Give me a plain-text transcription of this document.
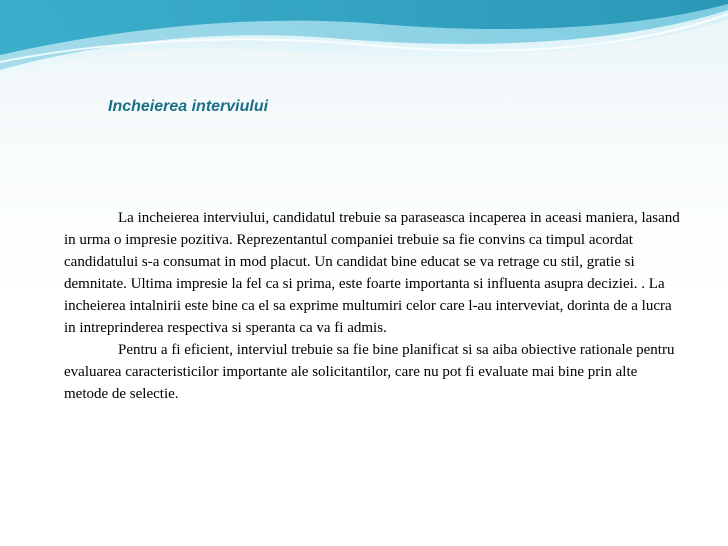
Incheierea interviului

La incheierea interviului, candidatul trebuie sa paraseasca incaperea in aceasi maniera, lasand in urma o impresie pozitiva. Reprezentantul companiei trebuie sa fie convins ca timpul acordat candidatului s-a consumat in mod placut. Un candidat bine educat se va retrage cu stil, gratie si demnitate. Ultima impresie la fel ca si prima, este foarte importanta si influenta asupra deciziei. . La incheierea intalnirii este bine ca el sa exprime multumiri celor care l-au interveviat, dorinta de a lucra in intreprinderea respectiva si speranta ca va fi admis.

Pentru a fi eficient, interviul trebuie sa fie bine planificat si sa aiba obiective rationale pentru evaluarea caracteristicilor importante ale solicitantilor, care nu pot fi evaluate mai bine prin alte metode de selectie.
